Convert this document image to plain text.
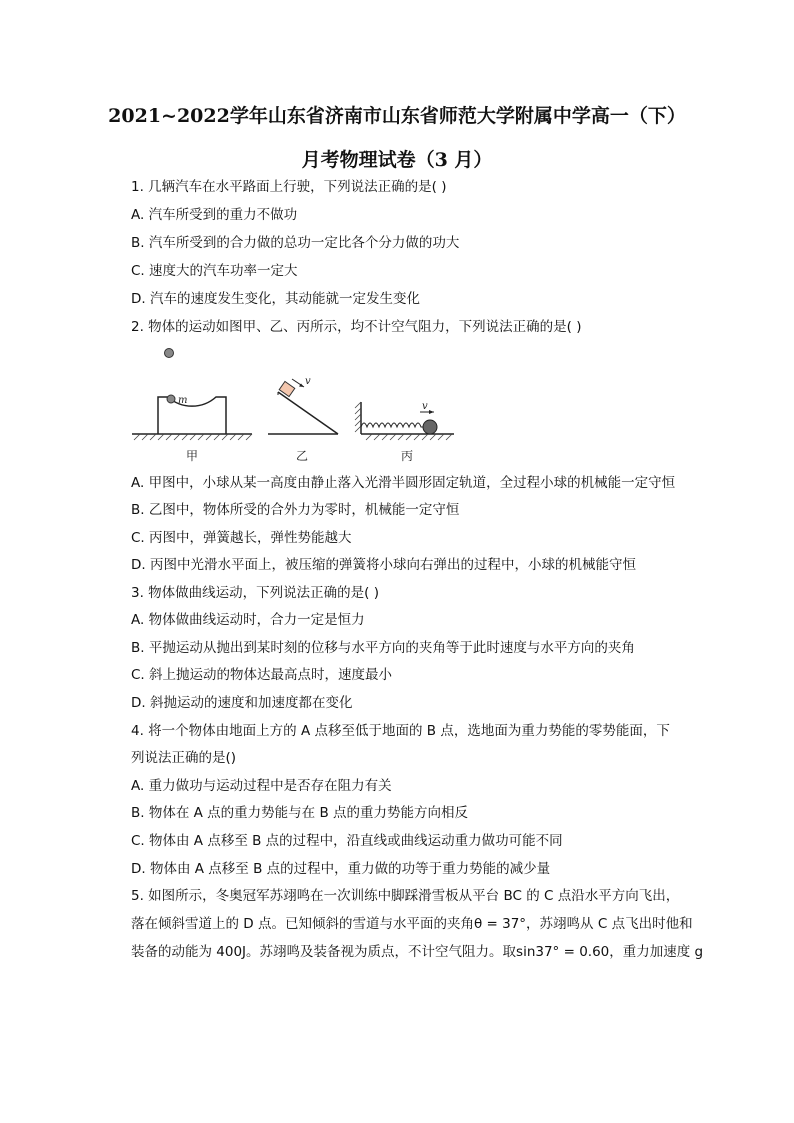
2021~2022学年山东省济南市山东省师范大学附属中学高一（下）
月考物理试卷（3 月）
1. 几辆汽车在水平路面上行驶，下列说法正确的是( )
A. 汽车所受到的重力不做功
B. 汽车所受到的合力做的总功一定比各个分力做的功大
C. 速度大的汽车功率一定大
D. 汽车的速度发生变化，其动能就一定发生变化
2. 物体的运动如图甲、乙、丙所示，均不计空气阻力，下列说法正确的是( )
m
甲
v
乙
v
丙
A. 甲图中，小球从某一高度由静止落入光滑半圆形固定轨道，全过程小球的机械能一定守恒
B. 乙图中，物体所受的合外力为零时，机械能一定守恒
C. 丙图中，弹簧越长，弹性势能越大
D. 丙图中光滑水平面上，被压缩的弹簧将小球向右弹出的过程中，小球的机械能守恒
3. 物体做曲线运动，下列说法正确的是( )
A. 物体做曲线运动时，合力一定是恒力
B. 平抛运动从抛出到某时刻的位移与水平方向的夹角等于此时速度与水平方向的夹角
C. 斜上抛运动的物体达最高点时，速度最小
D. 斜抛运动的速度和加速度都在变化
4. 将一个物体由地面上方的 A 点移至低于地面的 B 点，选地面为重力势能的零势能面，下
列说法正确的是()
A. 重力做功与运动过程中是否存在阻力有关
B. 物体在 A 点的重力势能与在 B 点的重力势能方向相反
C. 物体由 A 点移至 B 点的过程中，沿直线或曲线运动重力做功可能不同
D. 物体由 A 点移至 B 点的过程中，重力做的功等于重力势能的减少量
5. 如图所示，冬奥冠军苏翊鸣在一次训练中脚踩滑雪板从平台 BC 的 C 点沿水平方向飞出，
落在倾斜雪道上的 D 点。已知倾斜的雪道与水平面的夹角θ = 37°，苏翊鸣从 C 点飞出时他和
装备的动能为 400J。苏翊鸣及装备视为质点，不计空气阻力。取sin37° = 0.60，重力加速度 g
